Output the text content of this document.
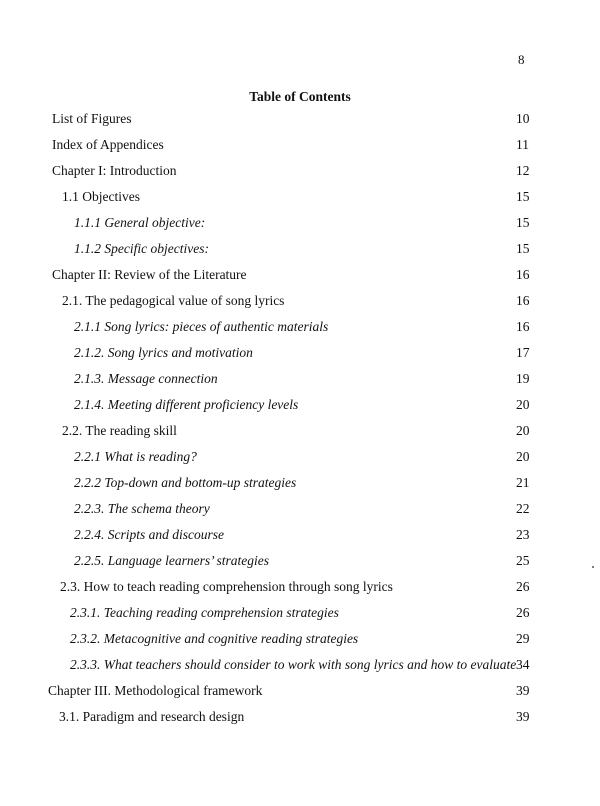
8
Table of Contents
List of Figures	10
Index of Appendices	11
Chapter I: Introduction	12
1.1 Objectives	15
1.1.1 General objective:	15
1.1.2 Specific objectives:	15
Chapter II: Review of the Literature	16
2.1. The pedagogical value of song lyrics	16
2.1.1 Song lyrics: pieces of authentic materials	16
2.1.2. Song lyrics and motivation	17
2.1.3. Message connection	19
2.1.4. Meeting different proficiency levels	20
2.2. The reading skill	20
2.2.1 What is reading?	20
2.2.2 Top-down and bottom-up strategies	21
2.2.3. The schema theory	22
2.2.4. Scripts and discourse	23
2.2.5. Language learners’ strategies	25
2.3. How to teach reading comprehension through song lyrics	26
2.3.1. Teaching reading comprehension strategies	26
2.3.2. Metacognitive and cognitive reading strategies	29
2.3.3. What teachers should consider to work with song lyrics and how to evaluate 34
Chapter III. Methodological framework	39
3.1. Paradigm and research design	39
